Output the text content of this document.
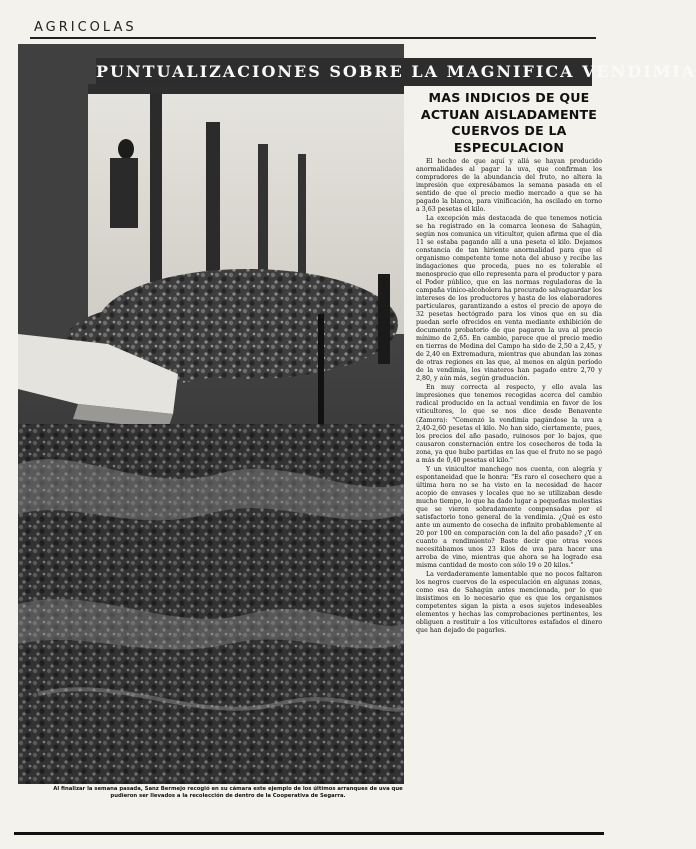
AGRICOLAS
PUNTUALIZACIONES SOBRE LA MAGNIFICA VENDIMIA
Al finalizar la semana pasada, Sanz Bermejo recogió en su cámara este ejemplo de los últimos arranques de uva que pudieron ser llevados a la recolección de dentro de la Cooperativa de Segarra.
MAS INDICIOS DE QUE ACTUAN AISLADAMENTE CUERVOS DE LA ESPECULACION

El hecho de que aquí y allá se hayan producido anormalidades al pagar la uva, que confirman los compradores de la abundancia del fruto, no altera la impresión que expresábamos la semana pasada en el sentido de que el precio medio mercado a que se ha pagado la blanca, para vinificación, ha oscilado en torno a 3,63 pesetas el kilo.

La excepción más destacada de que tenemos noticia se ha registrado en la comarca leonesa de Sahagún, según nos comunica un viticultor, quien afirma que el día 11 se estaba pagando allí a una peseta el kilo. Dejamos constancia de tan hiriente anormalidad para que el organismo competente tome nota del abuso y recibe las indagaciones que proceda, pues no es tolerable el menosprecio que ello representa para el productor y para el Poder público, que en las normas reguladoras de la campaña vínico-alcoholera ha procurado salvaguardar los intereses de los productores y hasta de los elaboradores particulares, garantizando a estos el precio de apoyo de 32 pesetas hectógrado para los vinos que en su día puedan serle ofrecidos en venta mediante exhibición de documento probatorio de que pagaron la uva al precio mínimo de 2,65. En cambio, parece que el precio medio en tierras de Medina del Campo ha sido de 2,50 a 2,45, y de 2,40 en Extremadura, mientras que abundan las zonas de otras regiones en las que, al menos en algún período de la vendimia, los vinateros han pagado entre 2,70 y 2,80, y aún más, según graduación.

En muy correcta al respecto, y ello avala las impresiones que tenemos recogidas acerca del cambio radical producido en la actual vendimia en favor de los viticultores, lo que se nos dice desde Benavente (Zamora): "Comenzó la vendimia pagándose la uva a 2,40-2,60 pesetas el kilo. No han sido, ciertamente, pues, los precios del año pasado, ruinosos por lo bajos, que causaron consternación entre los cosecheros de toda la zona, ya que hubo partidas en las que el fruto no se pagó a más de 0,40 pesetas el kilo."

Y un vinicultor manchego nos cuenta, con alegría y espontaneidad que le honra: "Es raro el cosechero que a última hora no se ha visto en la necesidad de hacer acopio de envases y locales que no se utilizaban desde mucho tiempo, lo que ha dado lugar a pequeñas molestias que se vieron sobradamente compensadas por el satisfactorio tono general de la vendimia. ¿Qué es esto ante un aumento de cosecha de infinito probablemente al 20 por 100 en comparación con la del año pasado? ¿Y en cuanto a rendimiento? Baste decir que otras veces necesitábamos unos 23 kilos de uva para hacer una arroba de vino, mientras que ahora se ha logrado esa misma cantidad de mosto con sólo 19 o 20 kilos."

La verdaderamente lamentable que no pocos faltaron los negros cuervos de la especulación en algunas zonas, como esa de Sahagún antes mencionada, por lo que insistimos en lo necesario que es que los organismos competentes sigan la pista a esos sujetos indeseables elementos y hechas las comprobaciones pertinentes, les obliguen a restituir a los viticultores estafados el dinero que han dejado de pagarles.
